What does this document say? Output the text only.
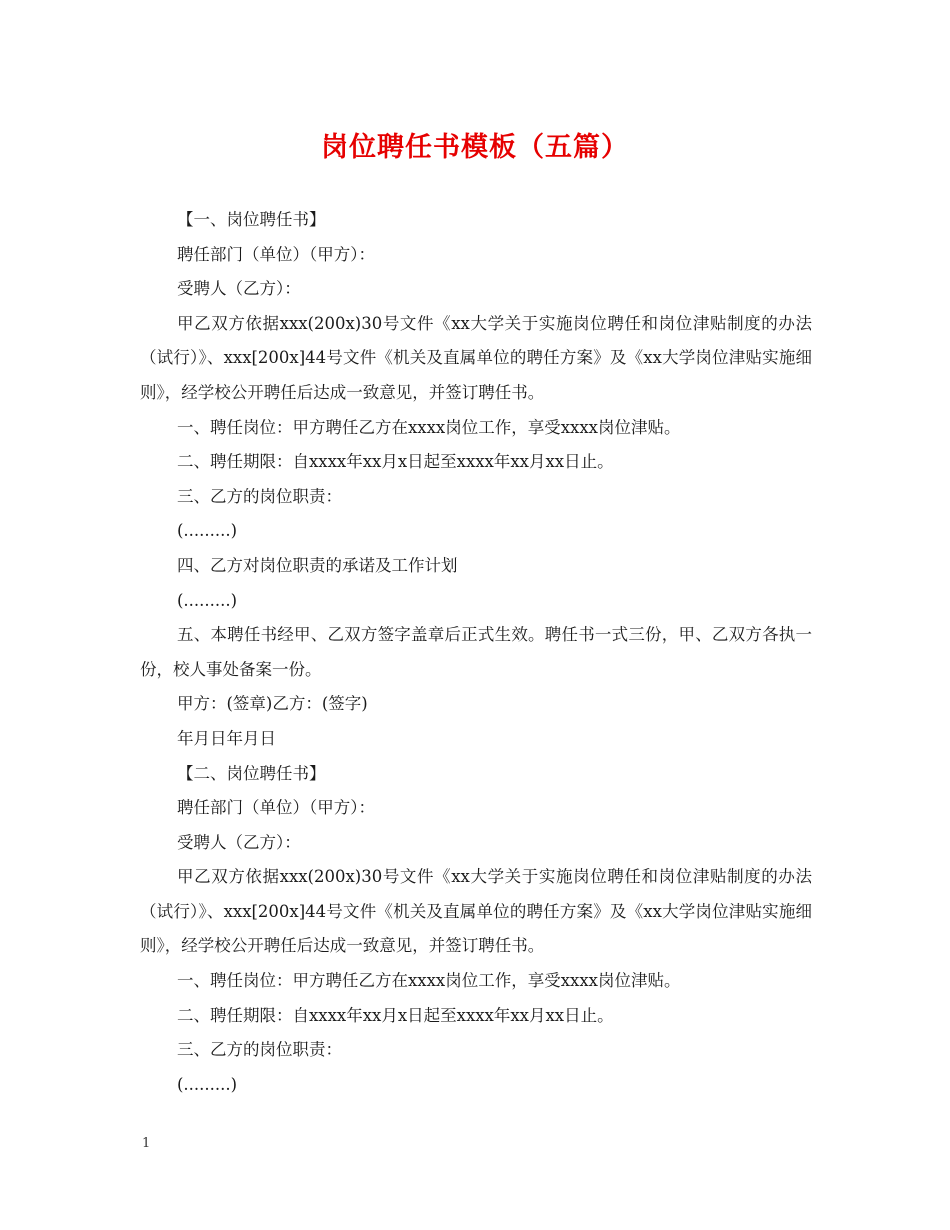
岗位聘任书模板（五篇）

【一、岗位聘任书】

聘任部门（单位）（甲方）：

受聘人（乙方）：

甲乙双方依据xxx(200x)30号文件《xx大学关于实施岗位聘任和岗位津贴制度的办法（试行）》、xxx[200x]44号文件《机关及直属单位的聘任方案》及《xx大学岗位津贴实施细则》，经学校公开聘任后达成一致意见，并签订聘任书。

一、聘任岗位：甲方聘任乙方在xxxx岗位工作，享受xxxx岗位津贴。

二、聘任期限：自xxxx年xx月x日起至xxxx年xx月xx日止。

三、乙方的岗位职责：

(.........)

四、乙方对岗位职责的承诺及工作计划

(.........)

五、本聘任书经甲、乙双方签字盖章后正式生效。聘任书一式三份，甲、乙双方各执一份，校人事处备案一份。

甲方：(签章)乙方：(签字)

年月日年月日

【二、岗位聘任书】

聘任部门（单位）（甲方）：

受聘人（乙方）：

甲乙双方依据xxx(200x)30号文件《xx大学关于实施岗位聘任和岗位津贴制度的办法（试行）》、xxx[200x]44号文件《机关及直属单位的聘任方案》及《xx大学岗位津贴实施细则》，经学校公开聘任后达成一致意见，并签订聘任书。

一、聘任岗位：甲方聘任乙方在xxxx岗位工作，享受xxxx岗位津贴。

二、聘任期限：自xxxx年xx月x日起至xxxx年xx月xx日止。

三、乙方的岗位职责：

(.........)

1
